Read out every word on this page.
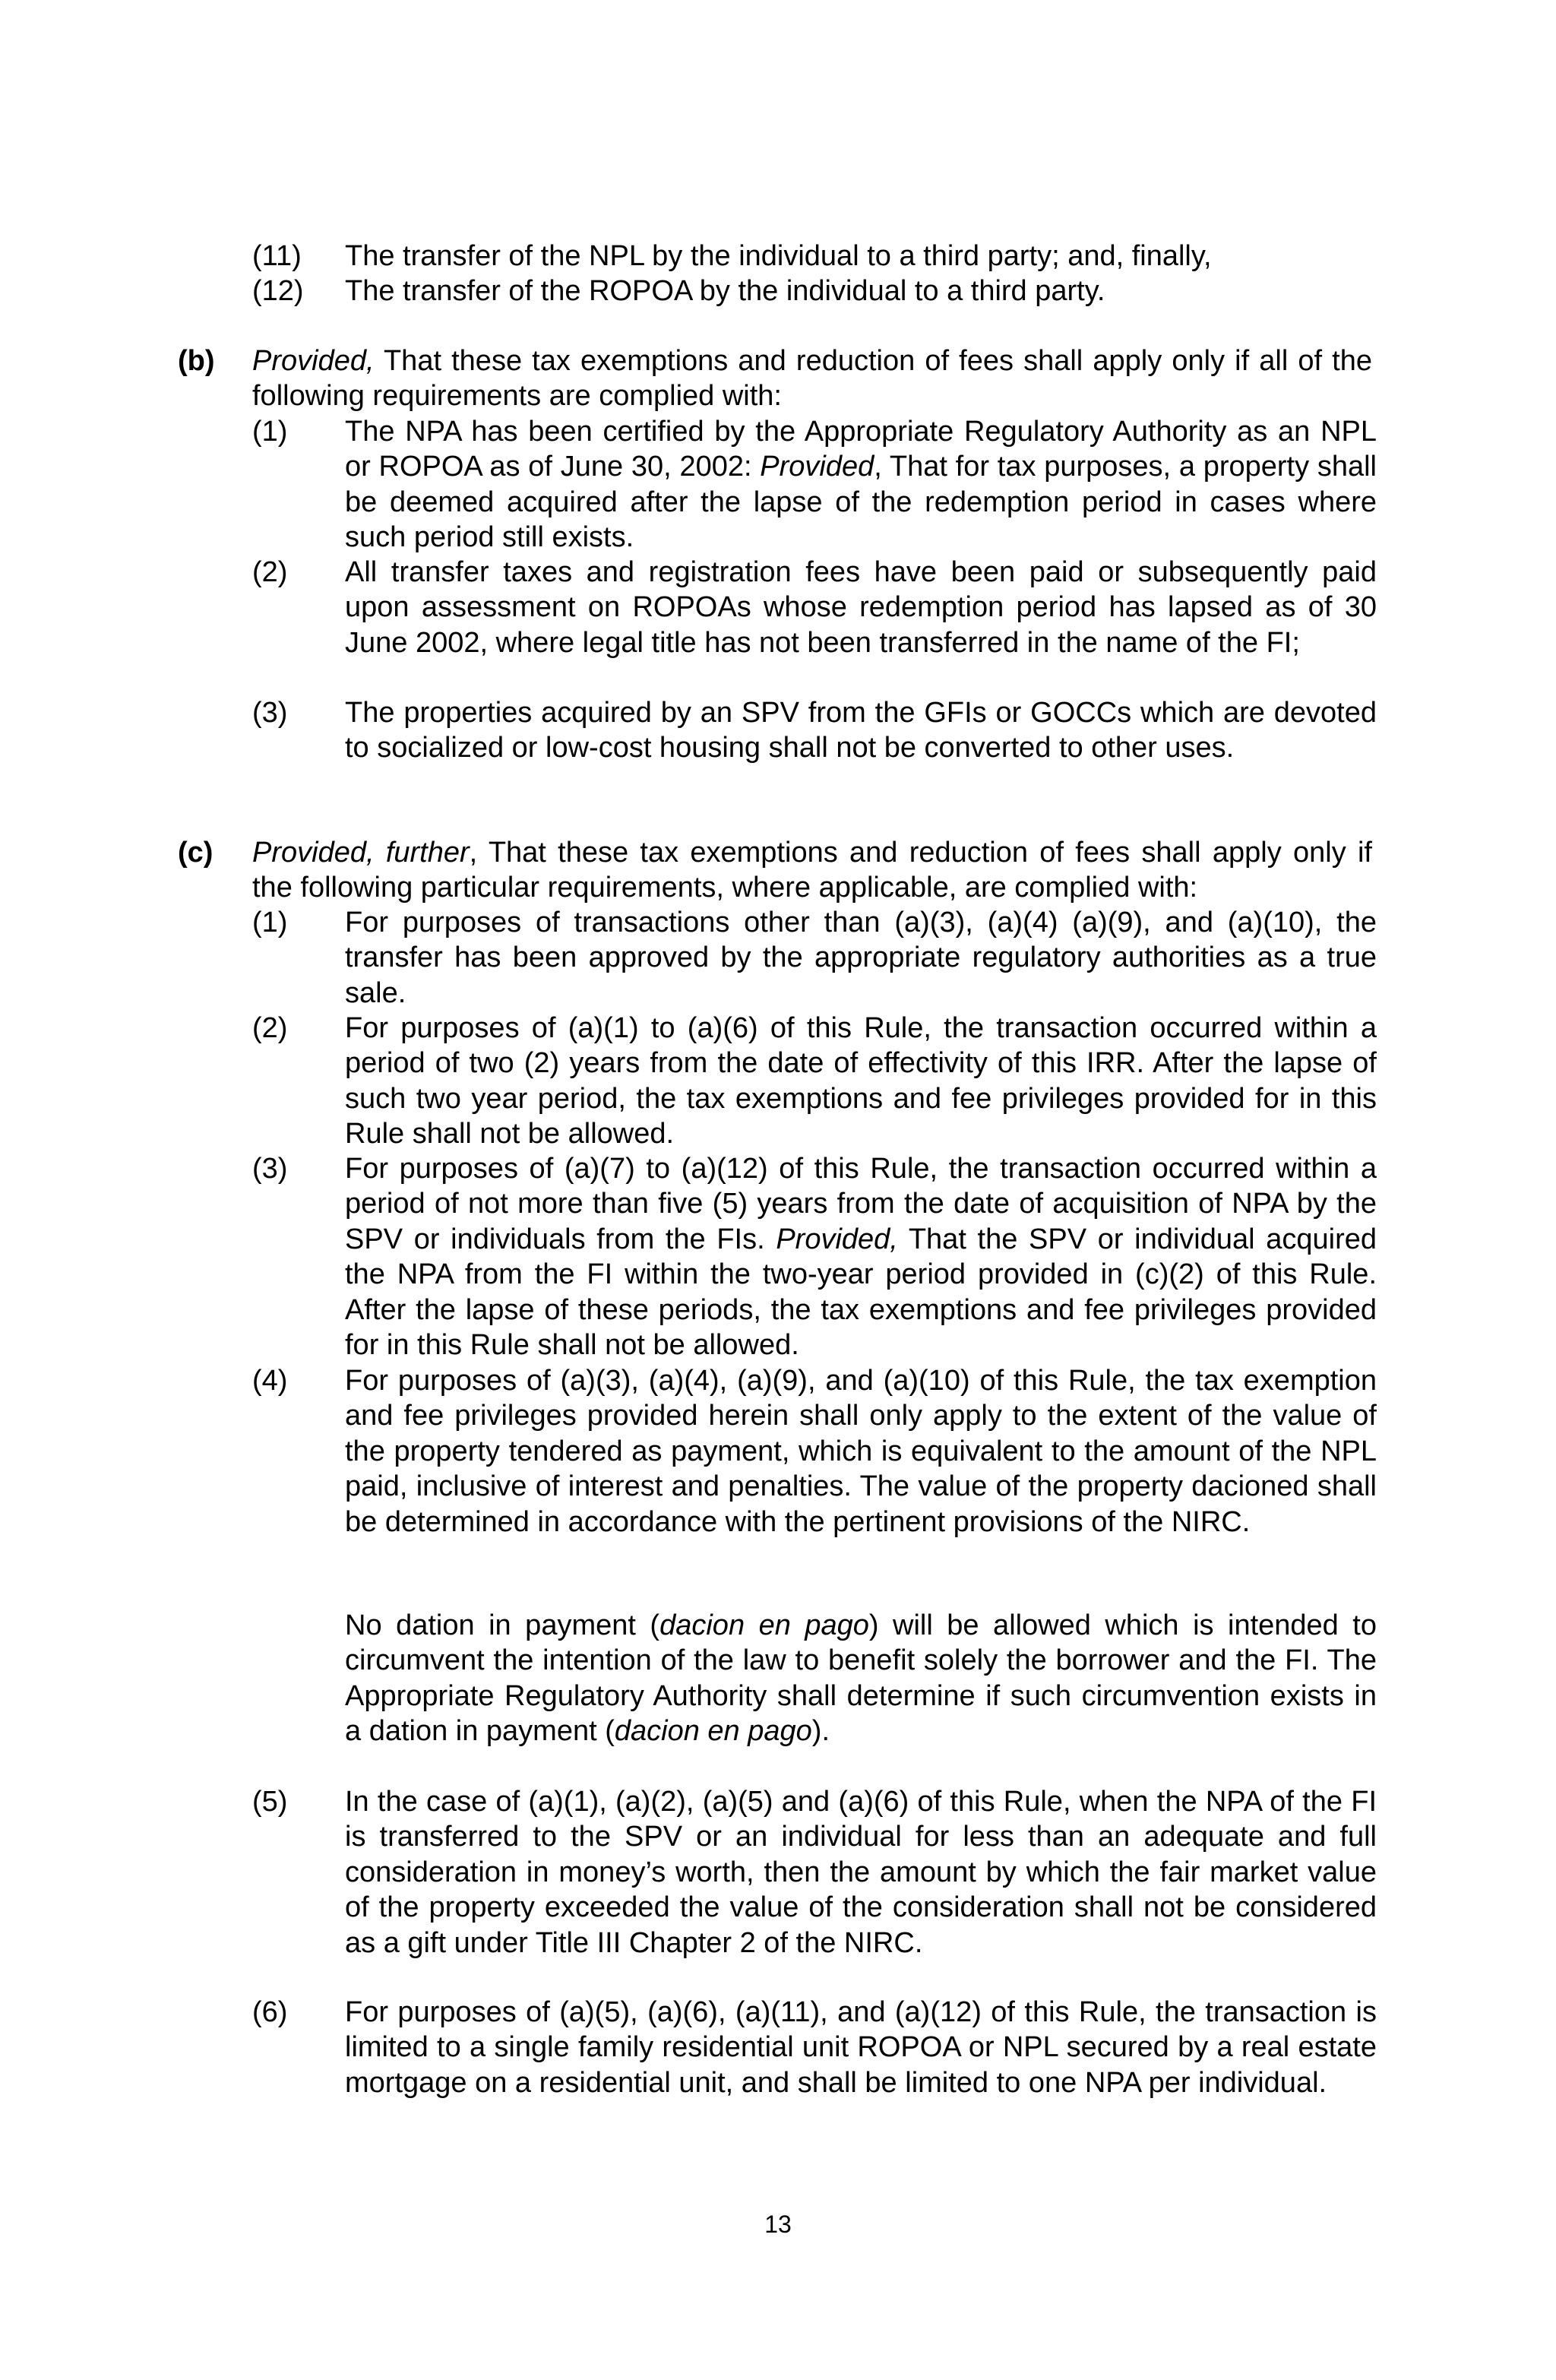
(11) The transfer of the NPL by the individual to a third party; and, finally,
(12) The transfer of the ROPOA by the individual to a third party.
(b) Provided, That these tax exemptions and reduction of fees shall apply only if all of the following requirements are complied with:
(1) The NPA has been certified by the Appropriate Regulatory Authority as an NPL or ROPOA as of June 30, 2002: Provided, That for tax purposes, a property shall be deemed acquired after the lapse of the redemption period in cases where such period still exists.
(2) All transfer taxes and registration fees have been paid or subsequently paid upon assessment on ROPOAs whose redemption period has lapsed as of 30 June 2002, where legal title has not been transferred in the name of the FI;
(3) The properties acquired by an SPV from the GFIs or GOCCs which are devoted to socialized or low-cost housing shall not be converted to other uses.
(c) Provided, further, That these tax exemptions and reduction of fees shall apply only if the following particular requirements, where applicable, are complied with:
(1) For purposes of transactions other than (a)(3), (a)(4) (a)(9), and (a)(10), the transfer has been approved by the appropriate regulatory authorities as a true sale.
(2) For purposes of (a)(1) to (a)(6) of this Rule, the transaction occurred within a period of two (2) years from the date of effectivity of this IRR. After the lapse of such two year period, the tax exemptions and fee privileges provided for in this Rule shall not be allowed.
(3) For purposes of (a)(7) to (a)(12) of this Rule, the transaction occurred within a period of not more than five (5) years from the date of acquisition of NPA by the SPV or individuals from the FIs. Provided, That the SPV or individual acquired the NPA from the FI within the two-year period provided in (c)(2) of this Rule. After the lapse of these periods, the tax exemptions and fee privileges provided for in this Rule shall not be allowed.
(4) For purposes of (a)(3), (a)(4), (a)(9), and (a)(10) of this Rule, the tax exemption and fee privileges provided herein shall only apply to the extent of the value of the property tendered as payment, which is equivalent to the amount of the NPL paid, inclusive of interest and penalties. The value of the property dacioned shall be determined in accordance with the pertinent provisions of the NIRC.
No dation in payment (dacion en pago) will be allowed which is intended to circumvent the intention of the law to benefit solely the borrower and the FI. The Appropriate Regulatory Authority shall determine if such circumvention exists in a dation in payment (dacion en pago).
(5) In the case of (a)(1), (a)(2), (a)(5) and (a)(6) of this Rule, when the NPA of the FI is transferred to the SPV or an individual for less than an adequate and full consideration in money’s worth, then the amount by which the fair market value of the property exceeded the value of the consideration shall not be considered as a gift under Title III Chapter 2 of the NIRC.
(6) For purposes of (a)(5), (a)(6), (a)(11), and (a)(12) of this Rule, the transaction is limited to a single family residential unit ROPOA or NPL secured by a real estate mortgage on a residential unit, and shall be limited to one NPA per individual.
13
